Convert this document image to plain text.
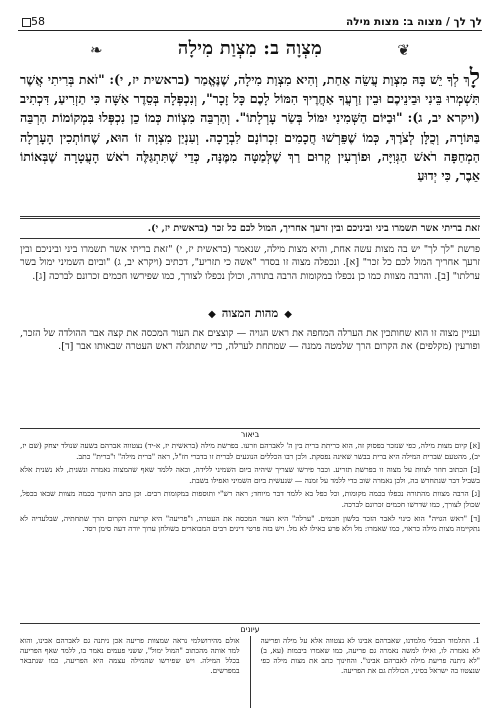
לך לך / מצוה ב: מצות מילה
58
❦
מִצְוָה ב: מִצְוַת מִילָה
❧
לָךְ לְךָ יֵשׁ בָּהּ מִצְוַת עֲשֵׂה אַחַת, וְהִיא מִצְוַת מִילָה, שֶׁנֶּאֱמַר (בראשית יז, י): "זֹאת בְּרִיתִי אֲשֶׁר תִּשְׁמְרוּ בֵּינִי וּבֵינֵיכֶם וּבֵין זַרְעֲךָ אַחֲרֶיךָ הִמּוֹל לָכֶם כָּל זָכָר", וְנִכְפְּלָה בְּסֵדֶר אִשָּׁה כִּי תַזְרִיעַ, דִּכְתִיב (ויקרא יב, ג): "וּבַיּוֹם הַשְּׁמִינִי יִמּוֹל בְּשַׂר עָרְלָתוֹ". וְהַרְבֵּה מִצְוֹות כְּמוֹ כֵן נִכְפְּלוּ בִּמְקוֹמוֹת הַרְבֵּה בַּתּוֹרָה, וְכֻלָּן לְצֹרֶךְ, כְּמוֹ שֶׁפֵּרְשׁוּ חֲכָמִים זִכְרוֹנָם לִבְרָכָה. וְעִנְיַן מִצְוָה זוֹ הוּא, שֶׁחוֹתְכִין הָעָרְלָה הַמְחַפָּה רֹאשׁ הַגְּוִיָּה, וּפוֹרְעִין קְרוּם רַךְ שֶׁלְּמַטָּה מִמֶּנָּה, כְּדֵי שֶׁתִּתְגַּלֶּה רֹאשׁ הָעֲטָרָה שֶׁבְּאוֹתוֹ אֵבֶר, כִּי יְדוּעַ
זאת בריתי אשר תשמרו ביני וביניכם ובין זרעך אחריך, המול לכם כל זכר (בראשית יז, י).
פרשת "לך לך" יש בה מצות עשה אחת, והיא מצות מילה, שנאמר (בראשית יז, י) "זאת בריתי אשר תשמרו ביני וביניכם ובין זרעך אחריך המול לכם כל זכר" [א]. ונכפלה מצוה זו בסדר "אשה כי תזריע", דכתיב (ויקרא יב, ג) "וביום השמיני ימול בשר ערלתו" [ב]. והרבה מצוות כמו כן נכפלו במקומות הרבה בתורה, וכולן נכפלו לצורך, כמו שפירשו חכמים זכרונם לברכה [ג].
◆מהות המצוה◆
ועניין מצוה זו הוא שחותכין את הערלה המחפה את ראש הגויה — קוצצים את העור המכסה את קצה אבר ההולדה של הזכר, ופורעין (מקלפים) את הקרום הרך שלמטה ממנה — שמתחת לערלה, כדי שתתגלה ראש העטרה שבאותו אבר [ד].
ביאור

[א] קיום מצות מילה, כפי שנזכר בפסוק זה, הוא כריתת ברית בין ה' לאברהם וזרעו. בפרשת מילה (בראשית יז, א-יד) נצטווה אברהם בשעה שנולד יצחק (שם יז, יב), מהטעם שברית המילה היא ברית בבשר שאינה נפסקת. ולכן רבו הכללים הנוגעים לברית זו בדברי חז"ל, ראה "ברית מילה" ו"ברית" כתב.

[ב] הכתוב חוזר לצוות על מצוה זו בפרשת תזריע. וכבר פירשו שצריך שיהיה ביום השמיני ללידה, ובאה ללמד שאף שהמצוה נאמרה ונשנית, לא נשנית אלא בשביל דבר שנתחדש בה, ולכן נאמרה שוב כדי ללמד על זמנה — שנעשית ביום השמיני ואפילו בשבת.

[ג] הרבה מצוות מהתורה נכפלו בכמה מקומות, וכל כפל בא ללמד דבר מיוחד; ראה רש"י ותוספות במקומות רבים. וכן כתב החינוך בכמה מצוות שבאו בכפל, שכולן לצורך, כמו שדרשו חכמים זכרונם לברכה.

[ד] "ראש הגויה" הוא כינוי לאבר הזכר בלשון חכמים. "ערלה" היא העור המכסה את העטרה, ו"פריעה" היא קריעת הקרום הרך שתחתיה, שבלעדיה לא נתקיימה מצות מילה כראוי, כמו שאמרו: מל ולא פרע כאילו לא מל. ויש בזה פרטי דינים רבים המבוארים בשולחן ערוך יורה דעה סימן רסד.

עיונים
1. התלמוד הבבלי מלמדנו, שאברהם אבינו לא נצטווה אלא על מילה ופריעה לא נאמרה לו, ואילו למשה נאמרה גם פריעה, כמו שאמרו ביבמות (עא, ב) "לא ניתנה פריעת מילה לאברהם אבינו". והחינוך כתב את מצות מילה כפי שנצטוו בה ישראל בסיני, הכוללת גם את הפריעה.
אולם מהירושלמי נראה שמצוות פריעה אכן ניתנה גם לאברהם אבינו, והוא למד אותה מהכתוב "המול ימול", ששני פעמים נאמר בו, ללמד שאף הפריעה בכלל המילה. ויש שפירשו שהמילה עצמה היא הפריעה, כמו שנתבאר במפרשים.
